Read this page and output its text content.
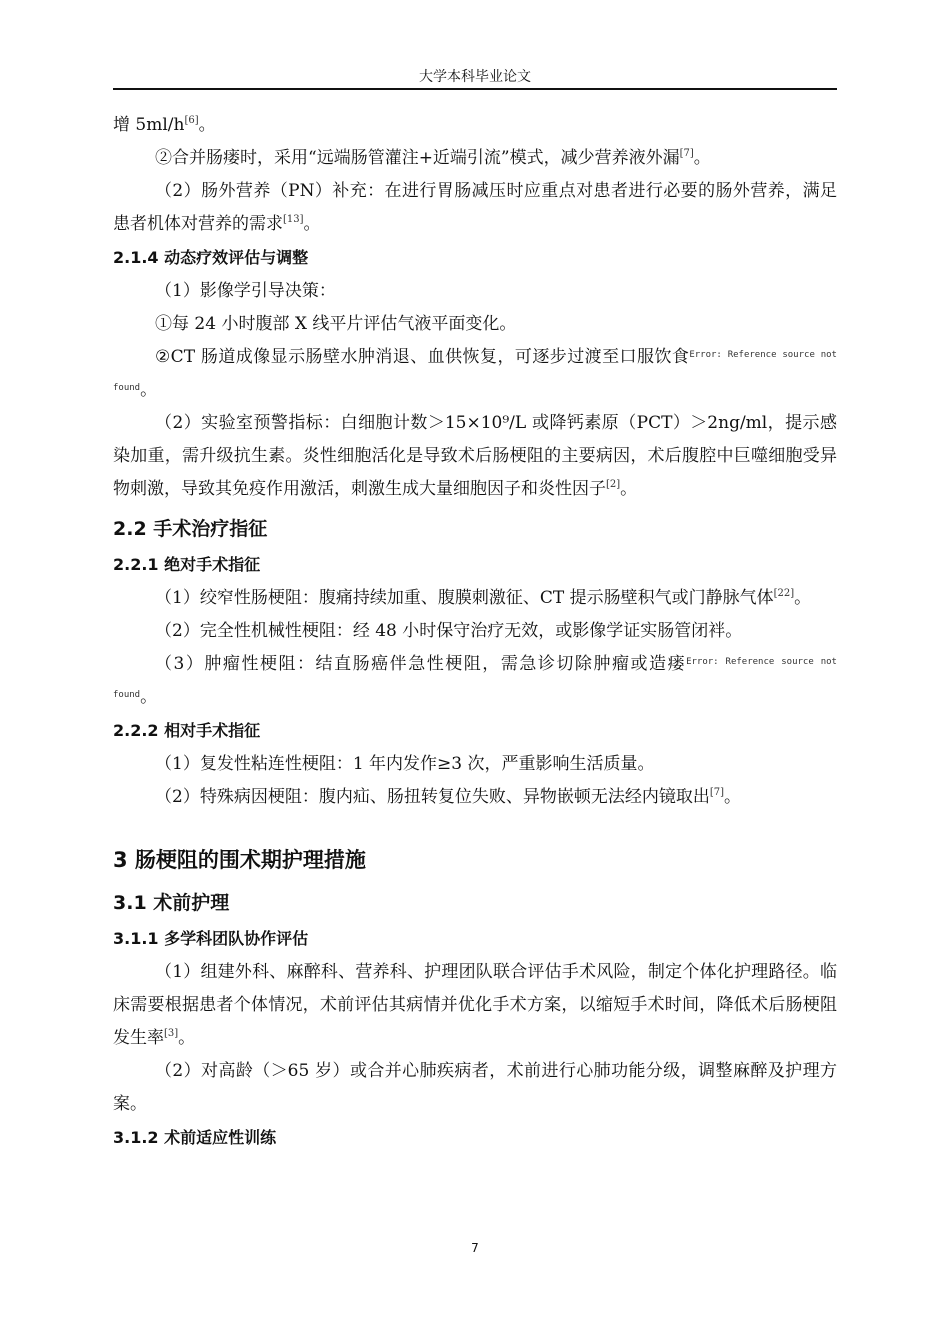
大学本科毕业论文

增 5ml/h[6]。

②合并肠瘘时，采用“远端肠管灌注+近端引流”模式，减少营养液外漏[7]。

（2）肠外营养（PN）补充：在进行胃肠减压时应重点对患者进行必要的肠外营养，满足患者机体对营养的需求[13]。

2.1.4 动态疗效评估与调整

（1）影像学引导决策：

①每 24 小时腹部 X 线平片评估气液平面变化。

②CT 肠道成像显示肠壁水肿消退、血供恢复，可逐步过渡至口服饮食$^{Error: Reference source not found}$。

（2）实验室预警指标：白细胞计数＞15×10⁹/L 或降钙素原（PCT）＞2ng/ml，提示感染加重，需升级抗生素。炎性细胞活化是导致术后肠梗阻的主要病因，术后腹腔中巨噬细胞受异物刺激，导致其免疫作用激活，刺激生成大量细胞因子和炎性因子[2]。

2.2 手术治疗指征
2.2.1 绝对手术指征

（1）绞窄性肠梗阻：腹痛持续加重、腹膜刺激征、CT 提示肠壁积气或门静脉气体[22]。

（2）完全性机械性梗阻：经 48 小时保守治疗无效，或影像学证实肠管闭袢。

（3）肿瘤性梗阻：结直肠癌伴急性梗阻，需急诊切除肿瘤或造瘘$^{Error: Reference source not found}$。

2.2.2 相对手术指征

（1）复发性粘连性梗阻：1 年内发作≥3 次，严重影响生活质量。

（2）特殊病因梗阻：腹内疝、肠扭转复位失败、异物嵌顿无法经内镜取出[7]。

3 肠梗阻的围术期护理措施
3.1 术前护理
3.1.1 多学科团队协作评估

（1）组建外科、麻醉科、营养科、护理团队联合评估手术风险，制定个体化护理路径。临床需要根据患者个体情况，术前评估其病情并优化手术方案，以缩短手术时间，降低术后肠梗阻发生率[3]。

（2）对高龄（＞65 岁）或合并心肺疾病者，术前进行心肺功能分级，调整麻醉及护理方案。

3.1.2 术前适应性训练
7
